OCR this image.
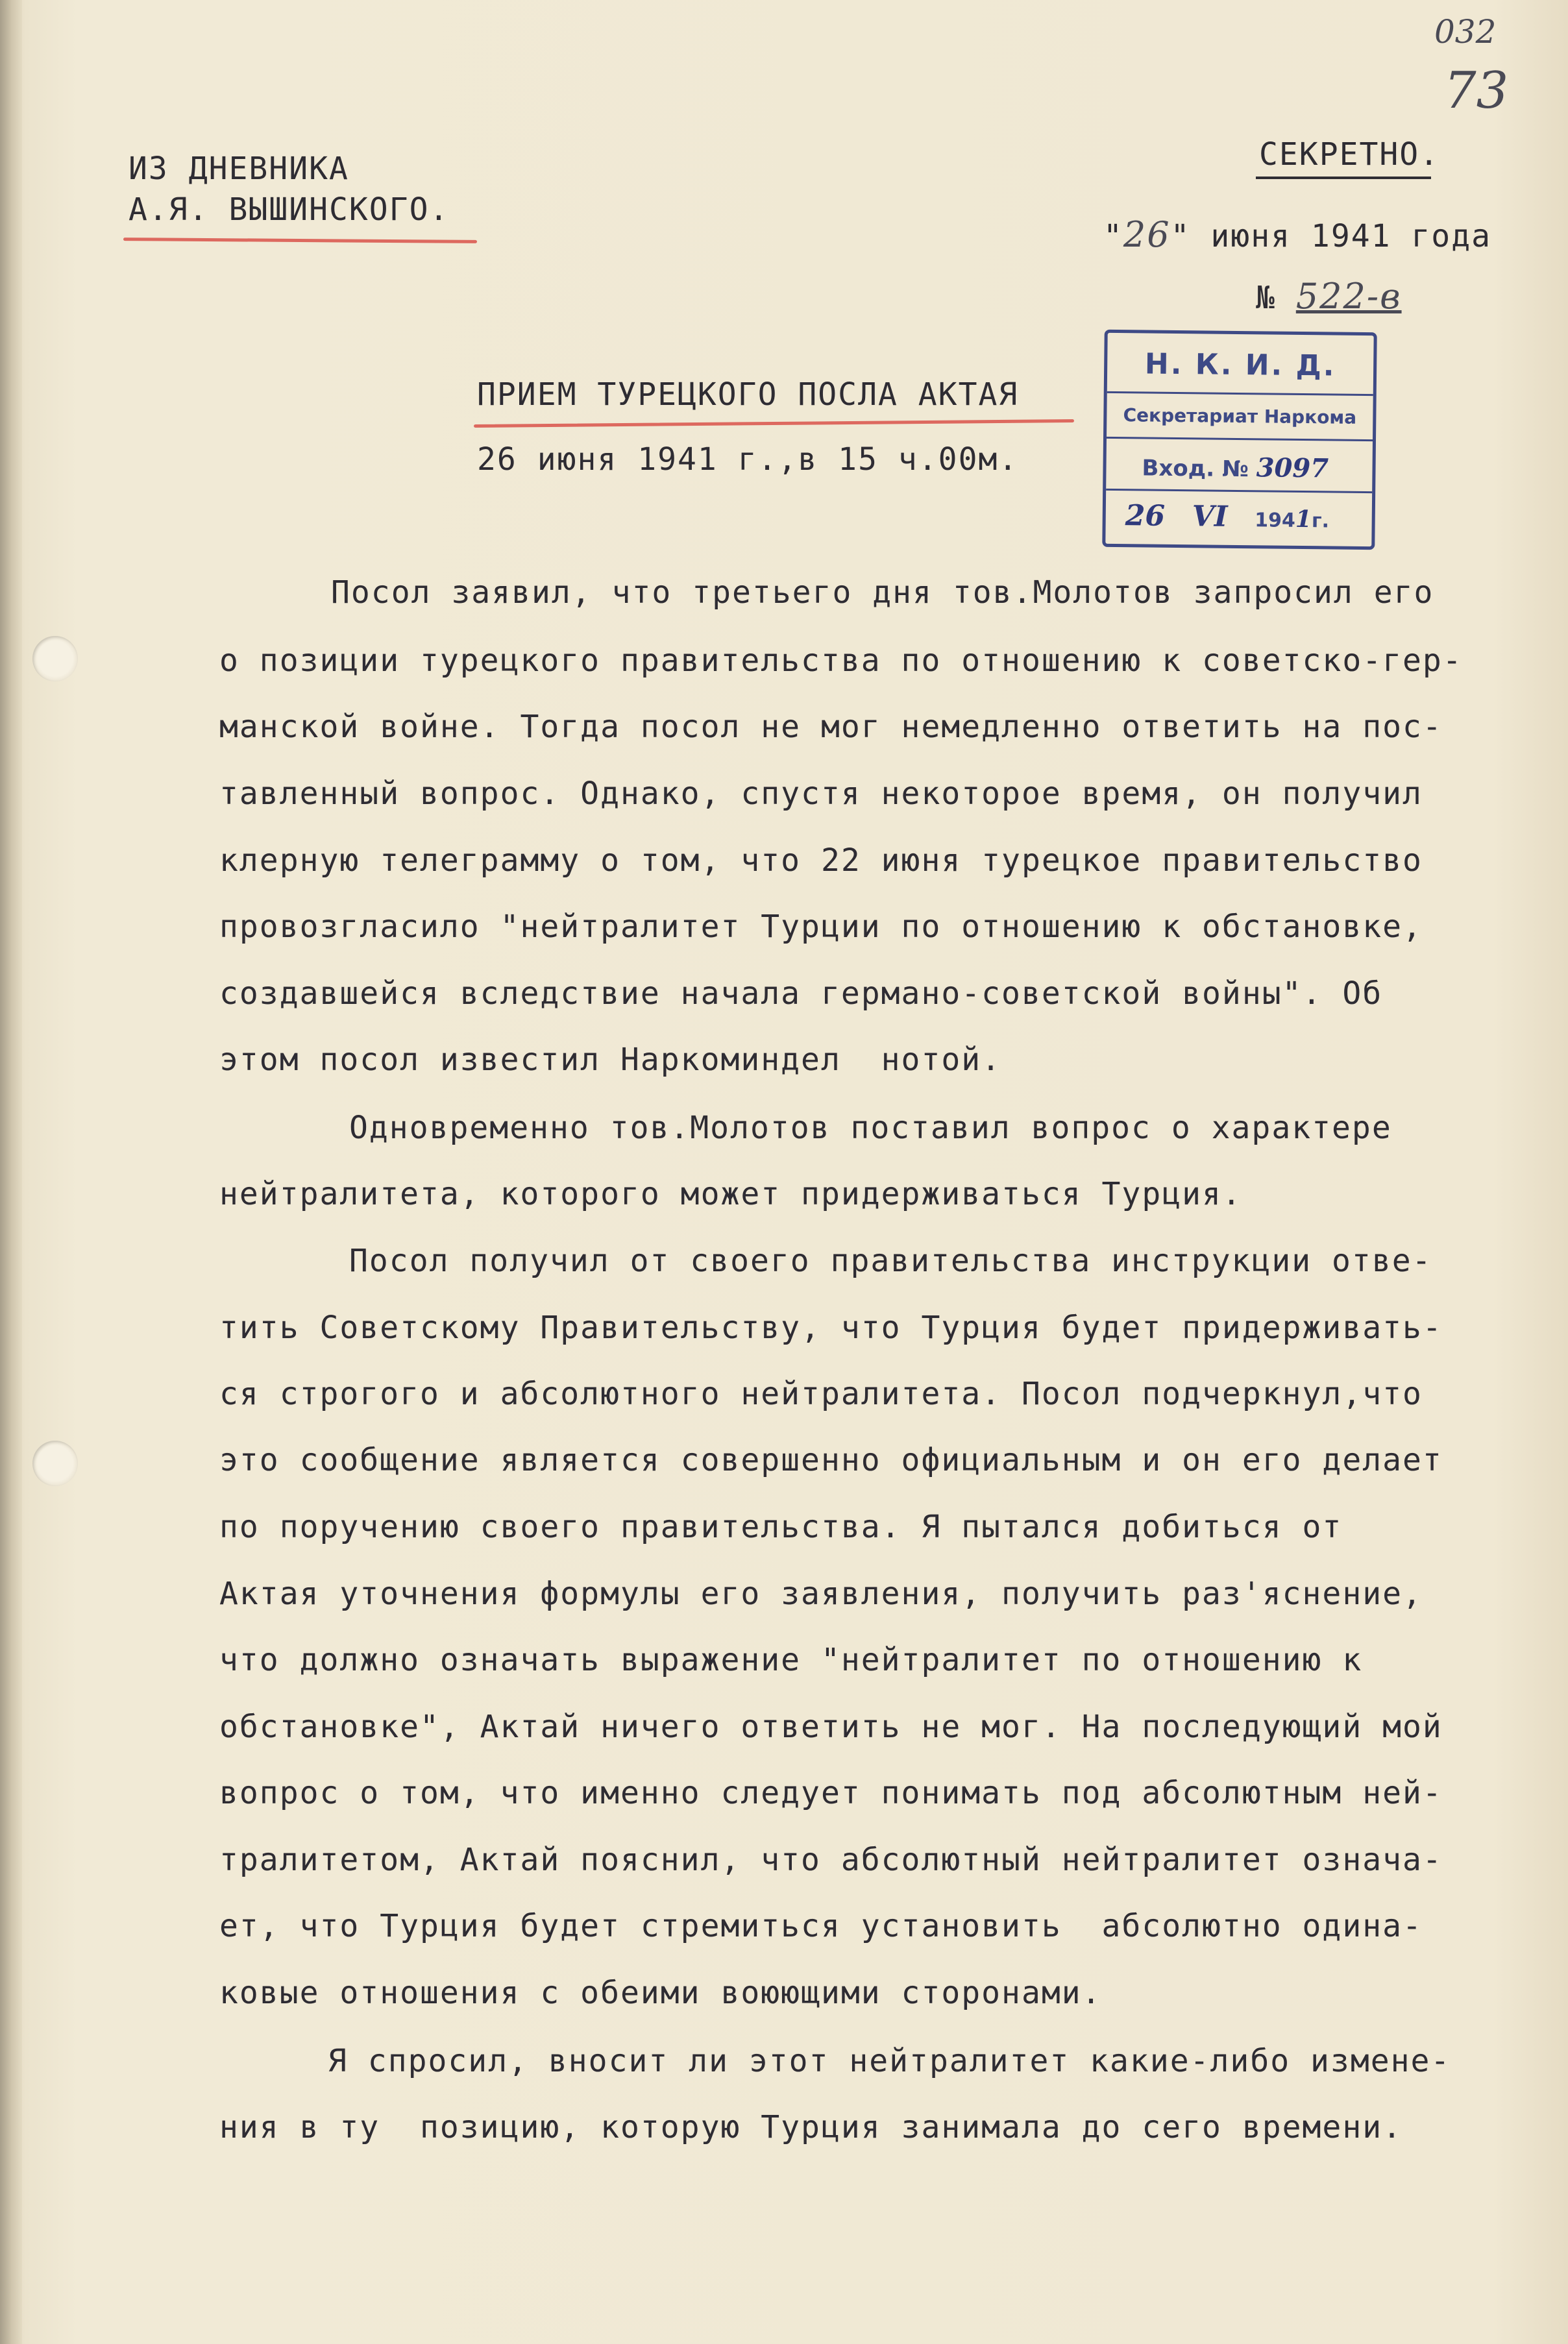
032
73
ИЗ ДНЕВНИКА
А.Я. ВЫШИНСКОГО.
СЕКРЕТНО.
"26" июня 1941 года
№ 522-в
Н. К. И. Д.
Секретариат Наркома
Вход. № 3097
26 VI 1941г.
ПРИЕМ ТУРЕЦКОГО ПОСЛА АКТАЯ
26 июня 1941 г.,в 15 ч.00м.
Посол заявил, что третьего дня тов.Молотов запросил его
о позиции турецкого правительства по отношению к советско-гер-
манской войне. Тогда посол не мог немедленно ответить на пос-
тавленный вопрос. Однако, спустя некоторое время, он получил
клерную телеграмму о том, что 22 июня турецкое правительство
провозгласило "нейтралитет Турции по отношению к обстановке,
создавшейся вследствие начала германо-советской войны". Об
этом посол известил Наркоминдел  нотой.
Одновременно тов.Молотов поставил вопрос о характере
нейтралитета, которого может придерживаться Турция.
Посол получил от своего правительства инструкции отве-
тить Советскому Правительству, что Турция будет придерживать-
ся строгого и абсолютного нейтралитета. Посол подчеркнул,что
это сообщение является совершенно официальным и он его делает
по поручению своего правительства. Я пытался добиться от
Актая уточнения формулы его заявления, получить раз'яснение,
что должно означать выражение "нейтралитет по отношению к
обстановке", Актай ничего ответить не мог. На последующий мой
вопрос о том, что именно следует понимать под абсолютным ней-
тралитетом, Актай пояснил, что абсолютный нейтралитет означа-
ет, что Турция будет стремиться установить  абсолютно одина-
ковые отношения с обеими воюющими сторонами.
Я спросил, вносит ли этот нейтралитет какие-либо измене-
ния в ту  позицию, которую Турция занимала до сего времени.
